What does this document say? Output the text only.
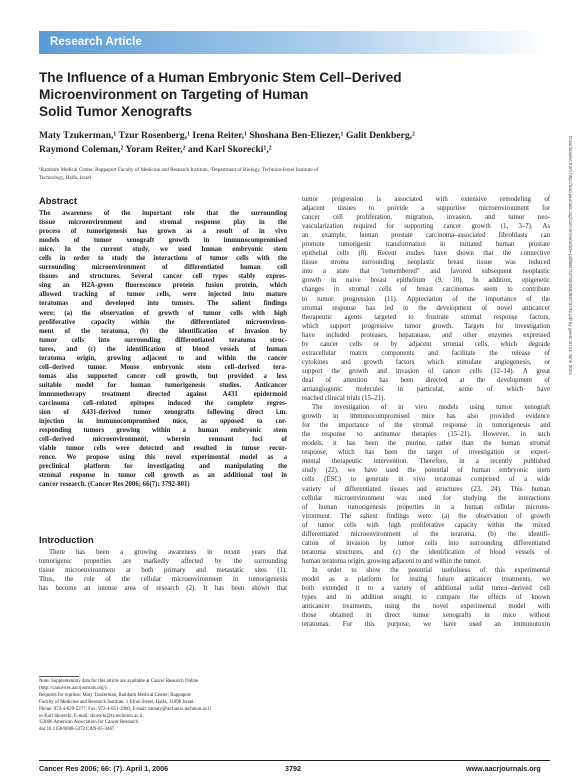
Research Article
The Influence of a Human Embryonic Stem Cell–Derived
Microenvironment on Targeting of Human
Solid Tumor Xenografts
Maty Tzukerman,¹ Tzur Rosenberg,¹ Irena Reiter,¹ Shoshana Ben-Eliezer,¹ Galit Denkberg,²
Raymond Coleman,² Yoram Reiter,² and Karl Skorecki¹,²
¹Rambam Medical Center, Rappaport Faculty of Medicine and Research Institute, ²Department of Biology, Technion-Israel Institute of
Technology, Haifa, Israel
Abstract
The awareness of the important role that the surrounding
tissue microenvironment and stromal response play in the
process of tumorigenesis has grown as a result of in vivo
models of tumor xenograft growth in immunocompromised
mice. In the current study, we used human embryonic stem
cells in order to study the interactions of tumor cells with the
surrounding microenvironment of differentiated human cell
tissues and structures. Several cancer cell types stably expres-
sing an H2A-green fluorescence protein fusion protein, which
allowed tracking of tumor cells, were injected into mature
teratomas and developed into tumors. The salient findings
were: (a) the observation of growth of tumor cells with high
proliferative capacity within the differentiated microenviron-
ment of the teratoma, (b) the identification of invasion by
tumor cells into surrounding differentiated teratoma struc-
tures, and (c) the identification of blood vessels of human
teratoma origin, growing adjacent to and within the cancer
cell–derived tumor. Mouse embryonic stem cell–derived tera-
tomas also supported cancer cell growth, but provided a less
suitable model for human tumorigenesis studies. Anticancer
immunotherapy treatment directed against A431 epidermoid
carcinoma cell–related epitopes induced the complete regres-
sion of A431-derived tumor xenografts following direct i.m.
injection in immunocompromised mice, as opposed to cor-
responding tumors growing within a human embryonic stem
cell–derived microenvironment, wherein remnant foci of
viable tumor cells were detected and resulted in tumor recur-
rence. We propose using this novel experimental model as a
preclinical platform for investigating and manipulating the
stromal response in tumor cell growth as an additional tool in
cancer research. (Cancer Res 2006; 66(7): 3792-801)
Introduction
There has been a growing awareness in recent years that
tumorigenic properties are markedly affected by the surrounding
tissue microenvironment at both primary and metastatic sites (1).
Thus, the role of the cellular microenvironment in tumorigenesis
has become an intense area of research (2). It has been shown that
Note: Supplementary data for this article are available at Cancer Research Online
(http://cancerres.aacrjournals.org/).
Requests for reprints: Maty Tzukerman, Rambam Medical Center; Rappaport
Faculty of Medicine and Research Institute, 1 Efron Street, Haifa, 31096 Israel.
Phone: 972-4-829-5277; Fax: 972-4-851-2980; E-mail: bimaty@techunix.technion.ac.il
or Karl Skorecki, E-mail: skorecki@tx.technion.ac.il.
©2006 American Association for Cancer Research.
doi:10.1158/0008-5472.CAN-05-3467
tumor progression is associated with extensive remodeling of
adjacent tissues to provide a supportive microenvironment for
cancer cell proliferation, migration, invasion, and tumor neo-
vascularization required for supporting cancer growth (1, 3–7). As
an example, human prostate carcinoma–associated fibroblasts can
promote tumorigenic transformation in initiated human prostate
epithelial cells (8). Recent studies have shown that the connective
tissue stroma surrounding neoplastic breast tissue was induced
into a state that "remembered" and favored subsequent neoplastic
growth in naive breast epithelium (9, 10). In addition, epigenetic
changes in stromal cells of breast carcinomas seem to contribute
to tumor progression (11). Appreciation of the importance of the
stromal response has led to the development of novel anticancer
therapeutic agents targeted to frustrate stromal response factors,
which support progressive tumor growth. Targets for investigation
have included proteases, heparanase, and other enzymes expressed
by cancer cells or by adjacent stromal cells, which degrade
extracellular matrix components and facilitate the release of
cytokines and growth factors which stimulate angiogenesis, or
support the growth and invasion of cancer cells (12–14). A great
deal of attention has been directed at the development of
antiangiogenic molecules in particular, some of which have
reached clinical trials (15–21).
The investigation of in vivo models using tumor xenograft
growth in immunocompromised mice has also provided evidence
for the importance of the stromal response in tumorigenesis and
the response to antitumor therapies (15–21). However, in such
models, it has been the murine, rather than the human stromal
response, which has been the target of investigation or experi-
mental therapeutic intervention. Therefore, in a recently published
study (22), we have used the potential of human embryonic stem
cells (ESC) to generate in vivo teratomas comprised of a wide
variety of differentiated tissues and structures (23, 24). This human
cellular microenvironment was used for studying the interactions
of human tumorigenesis properties in a human cellular microen-
vironment. The salient findings were: (a) the observation of growth
of tumor cells with high proliferative capacity within the mixed
differentiated microenvironment of the teratoma, (b) the identifi-
cation of invasion by tumor cells into surrounding differentiated
teratoma structures, and (c) the identification of blood vessels of
human teratoma origin, growing adjacent to and within the tumor.
In order to show the potential usefulness of this experimental
model as a platform for testing future anticancer treatments, we
both extended it to a variety of additional solid tumor–derived cell
types and in addition sought to compare the effects of known
anticancer treatments, using the novel experimental model with
those obtained in direct tumor xenografts in mice without
teratomas. For this purpose, we have used an immunotoxin
Downloaded from http://aacrjournals.org/cancerres/article-pdf/66/7/3792/2562697/3792.pdf by guest on 21 June 2022
Cancer Res 2006; 66: (7). April 1, 2006	3792	www.aacrjournals.org
